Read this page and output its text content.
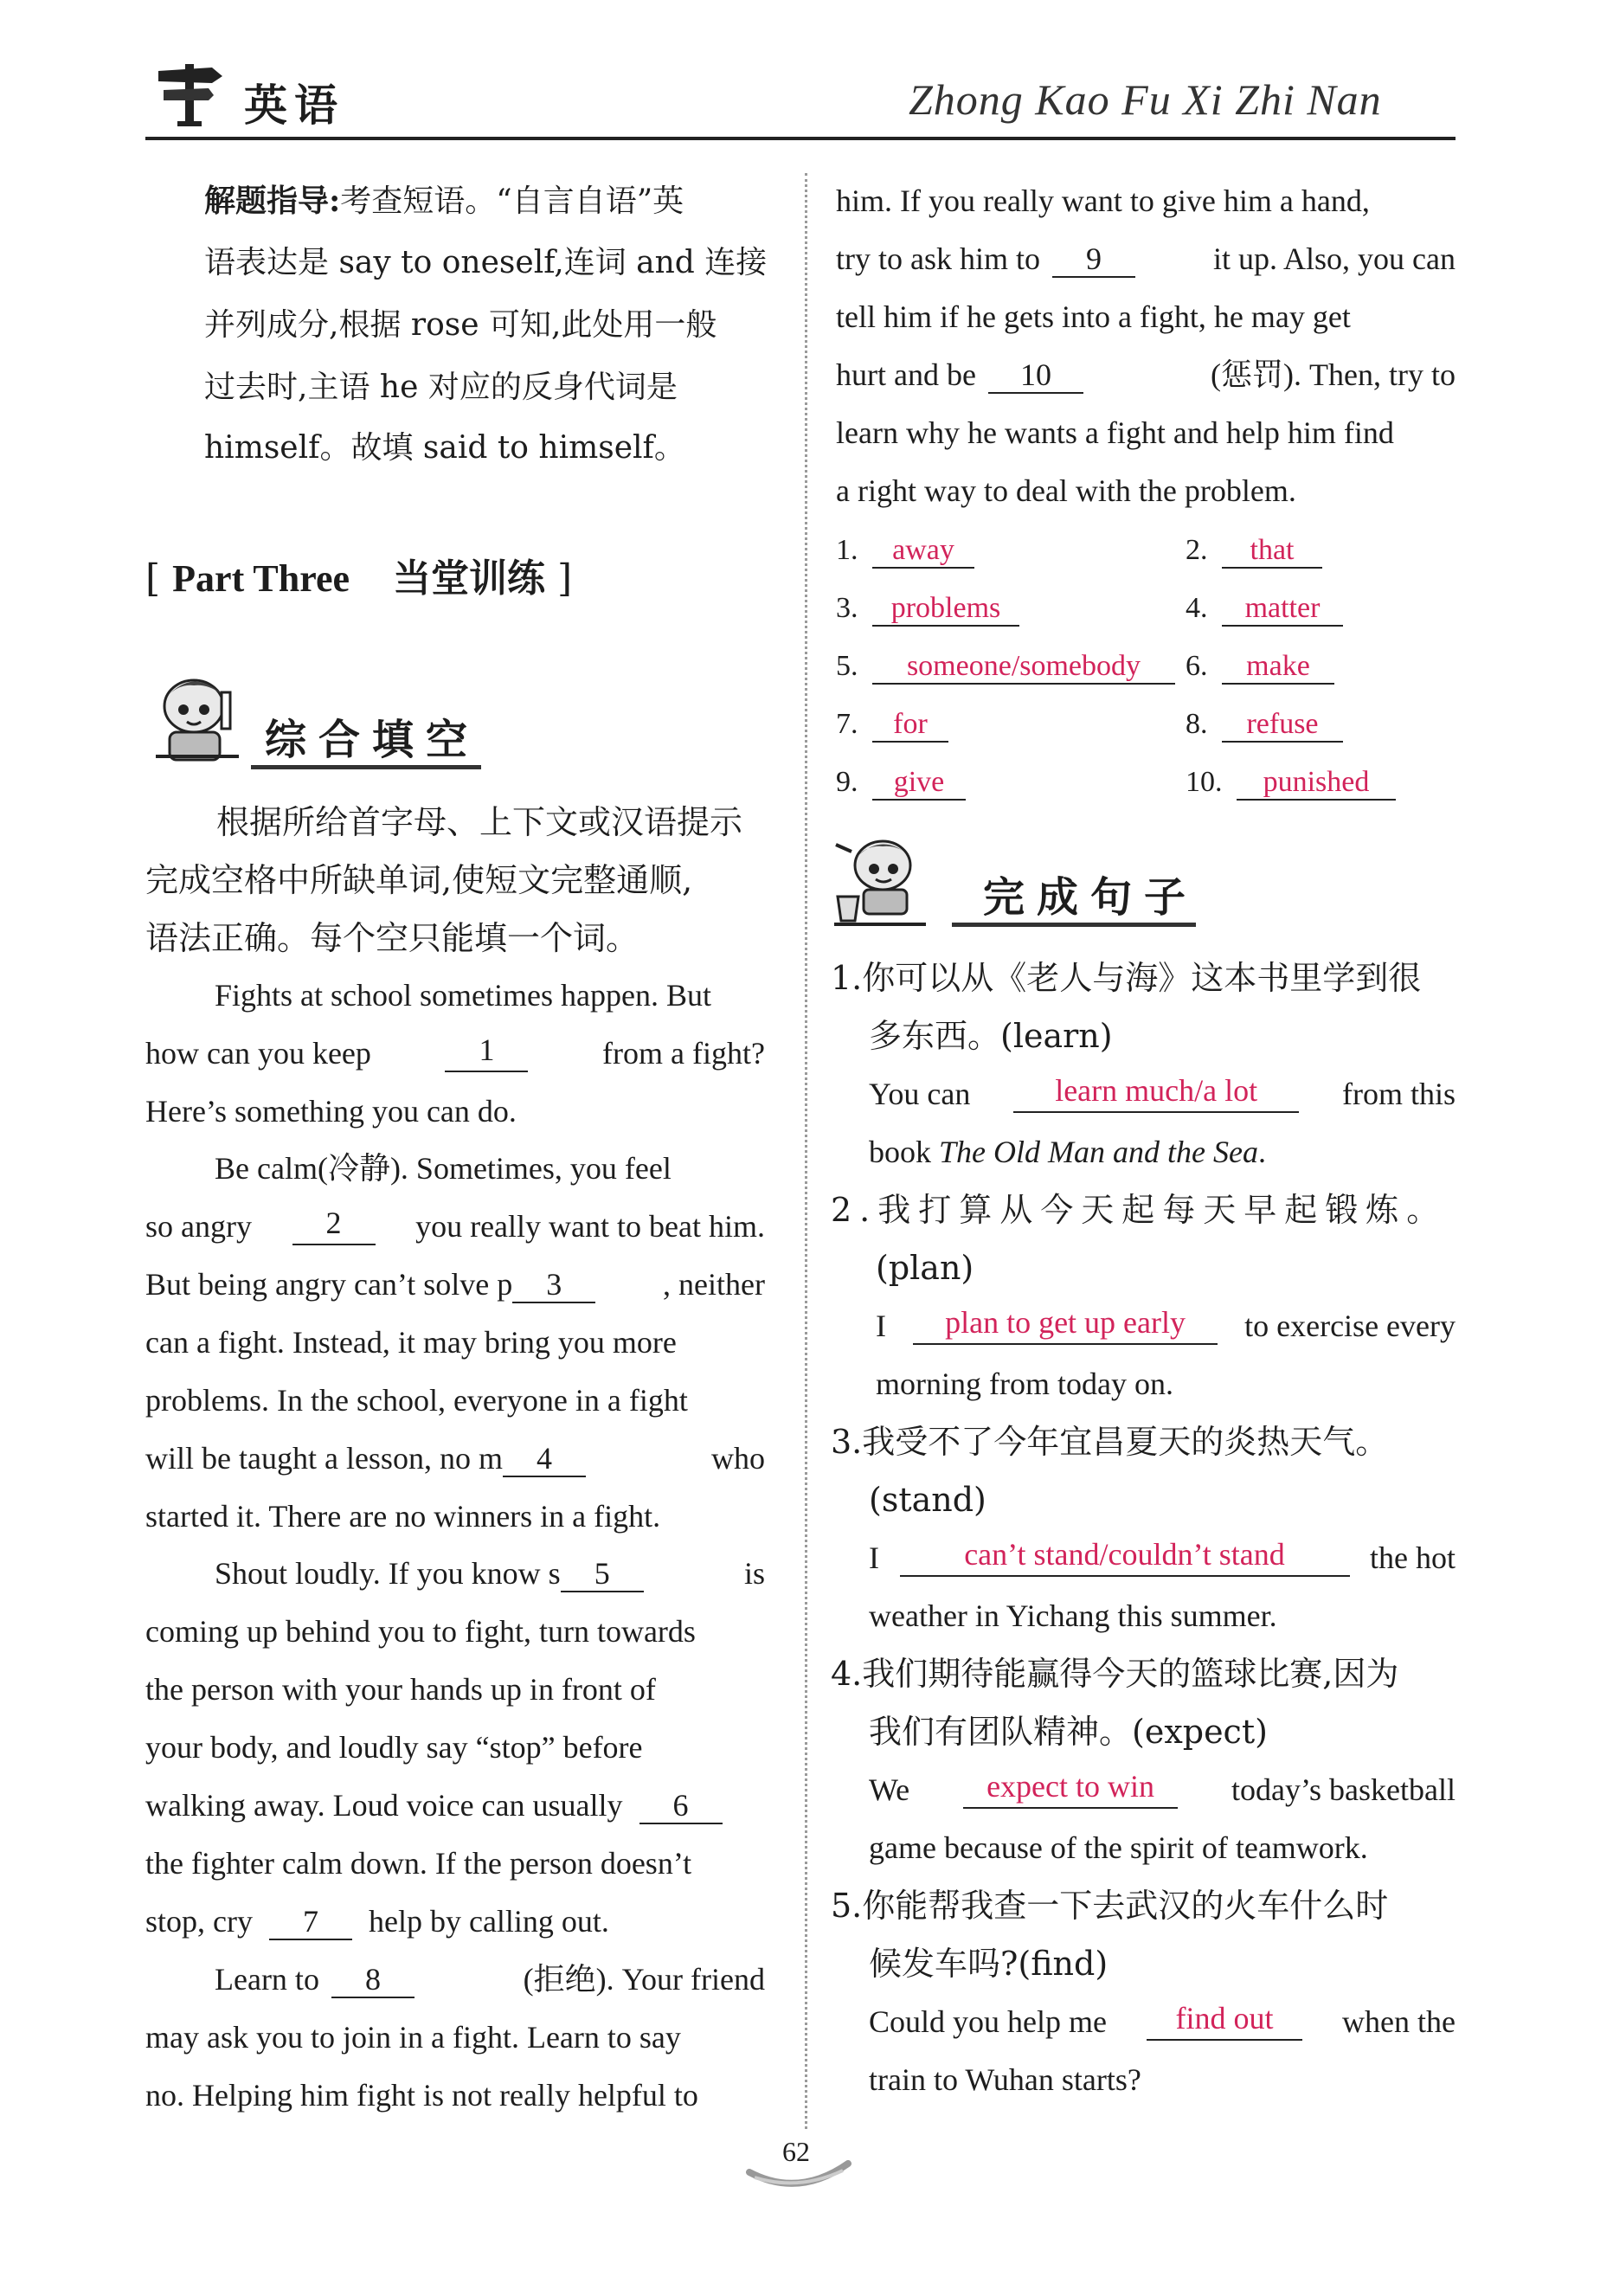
英语	Zhong Kao Fu Xi Zhi Nan
解题指导:考查短语。“自言自语”英
语表达是 say to oneself,连词 and 连接
并列成分,根据 rose 可知,此处用一般
过去时,主语 he 对应的反身代词是
himself。故填 said to himself。
[ Part Three 当堂训练 ]
综合填空
根据所给首字母、上下文或汉语提示
完成空格中所缺单词,使短文完整通顺,
语法正确。每个空只能填一个词。
Fights at school sometimes happen. But
how can you keep	1	from a fight?
Here’s something you can do.
Be calm(冷静). Sometimes, you feel
so angry	2	you really want to beat him.
But being angry can’t solve p 3	, neither
can a fight. Instead, it may bring you more
problems. In the school, everyone in a fight
will be taught a lesson, no m 4	who
started it. There are no winners in a fight.
Shout loudly. If you know s 5	is
coming up behind you to fight, turn towards
the person with your hands up in front of
your body, and loudly say “stop” before
walking away. Loud voice can usually 6
the fighter calm down. If the person doesn’t
stop, cry 7 help by calling out.
Learn to 8	(拒绝). Your friend
may ask you to join in a fight. Learn to say
no. Helping him fight is not really helpful to
him. If you really want to give him a hand,
try to ask him to 9	it up. Also, you can
tell him if he gets into a fight, he may get
hurt and be 10	(惩罚). Then, try to
learn why he wants a fight and help him find
a right way to deal with the problem.
1. away	2. that
3. problems	4. matter
5. someone/somebody	6. make
7. for	8. refuse
9. give	10. punished
完成句子
1.你可以从《老人与海》这本书里学到很
多东西。(learn)
You can	learn much/a lot	from this
book The Old Man and the Sea.
2.我打算从今天起每天早起锻炼。
(plan)
I	plan to get up early	to exercise every
morning from today on.
3.我受不了今年宜昌夏天的炎热天气。
(stand)
I	can’t stand/couldn’t stand	the hot
weather in Yichang this summer.
4.我们期待能赢得今天的篮球比赛,因为
我们有团队精神。(expect)
We	expect to win	today’s basketball
game because of the spirit of teamwork.
5.你能帮我查一下去武汉的火车什么时
候发车吗?(find)
Could you help me	find out	when the
train to Wuhan starts?
62
